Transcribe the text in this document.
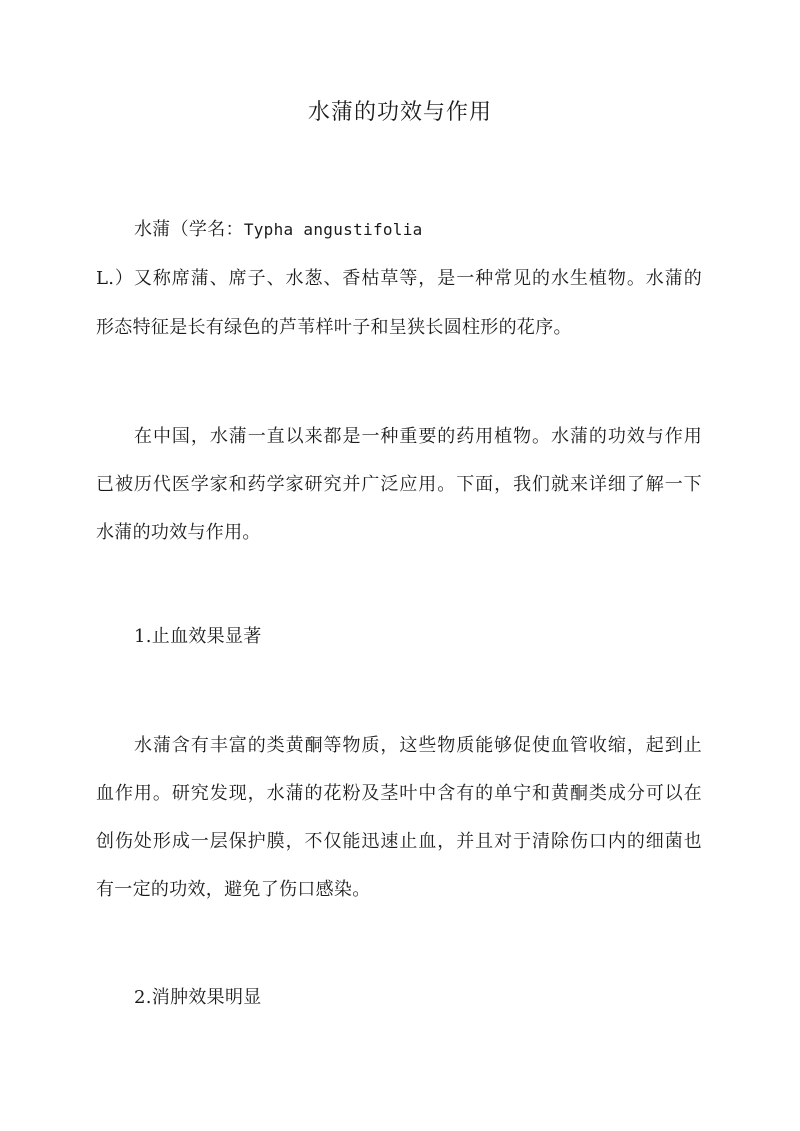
水蒲的功效与作用

水蒲（学名：Typha angustifolia

L.）又称席蒲、席子、水葱、香枯草等，是一种常见的水生植物。水蒲的

形态特征是长有绿色的芦苇样叶子和呈狭长圆柱形的花序。

在中国，水蒲一直以来都是一种重要的药用植物。水蒲的功效与作用

已被历代医学家和药学家研究并广泛应用。下面，我们就来详细了解一下

水蒲的功效与作用。

1.止血效果显著

水蒲含有丰富的类黄酮等物质，这些物质能够促使血管收缩，起到止

血作用。研究发现，水蒲的花粉及茎叶中含有的单宁和黄酮类成分可以在

创伤处形成一层保护膜，不仅能迅速止血，并且对于清除伤口内的细菌也

有一定的功效，避免了伤口感染。

2.消肿效果明显
